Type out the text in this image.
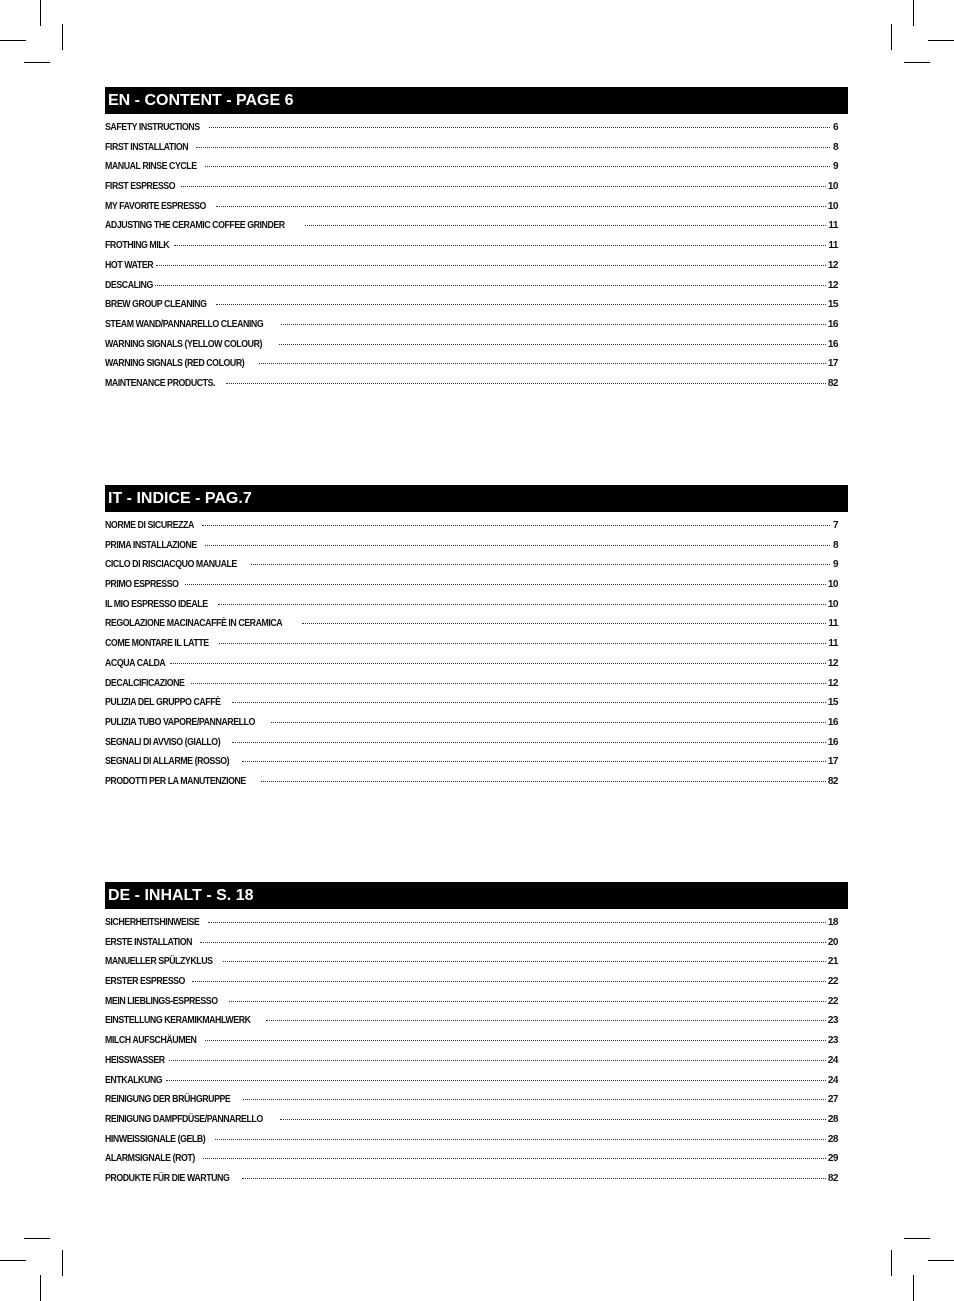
EN - CONTENT - PAGE 6
SAFETY INSTRUCTIONS	6
FIRST INSTALLATION	8
MANUAL RINSE CYCLE	9
FIRST ESPRESSO	10
MY FAVORITE ESPRESSO	10
ADJUSTING THE CERAMIC COFFEE GRINDER	11
FROTHING MILK	11
HOT WATER	12
DESCALING	12
BREW GROUP CLEANING	15
STEAM WAND/PANNARELLO CLEANING	16
WARNING SIGNALS (YELLOW COLOUR)	16
WARNING SIGNALS (RED COLOUR)	17
MAINTENANCE PRODUCTS.	82
IT - INDICE - PAG.7
NORME DI SICUREZZA	7
PRIMA INSTALLAZIONE	8
CICLO DI RISCIACQUO MANUALE	9
PRIMO ESPRESSO	10
IL MIO ESPRESSO IDEALE	10
REGOLAZIONE MACINACAFFÈ IN CERAMICA	11
COME MONTARE IL LATTE	11
ACQUA CALDA	12
DECALCIFICAZIONE	12
PULIZIA DEL GRUPPO CAFFÈ	15
PULIZIA TUBO VAPORE/PANNARELLO	16
SEGNALI DI AVVISO (GIALLO)	16
SEGNALI DI ALLARME (ROSSO)	17
PRODOTTI PER LA MANUTENZIONE	82
DE - INHALT - S. 18
SICHERHEITSHINWEISE	18
ERSTE INSTALLATION	20
MANUELLER SPÜLZYKLUS	21
ERSTER ESPRESSO	22
MEIN LIEBLINGS-ESPRESSO	22
EINSTELLUNG KERAMIKMAHLWERK	23
MILCH AUFSCHÄUMEN	23
HEISSWASSER	24
ENTKALKUNG	24
REINIGUNG DER BRÜHGRUPPE	27
REINIGUNG DAMPFDÜSE/PANNARELLO	28
HINWEISSIGNALE (GELB)	28
ALARMSIGNALE (ROT)	29
PRODUKTE FÜR DIE WARTUNG	82
